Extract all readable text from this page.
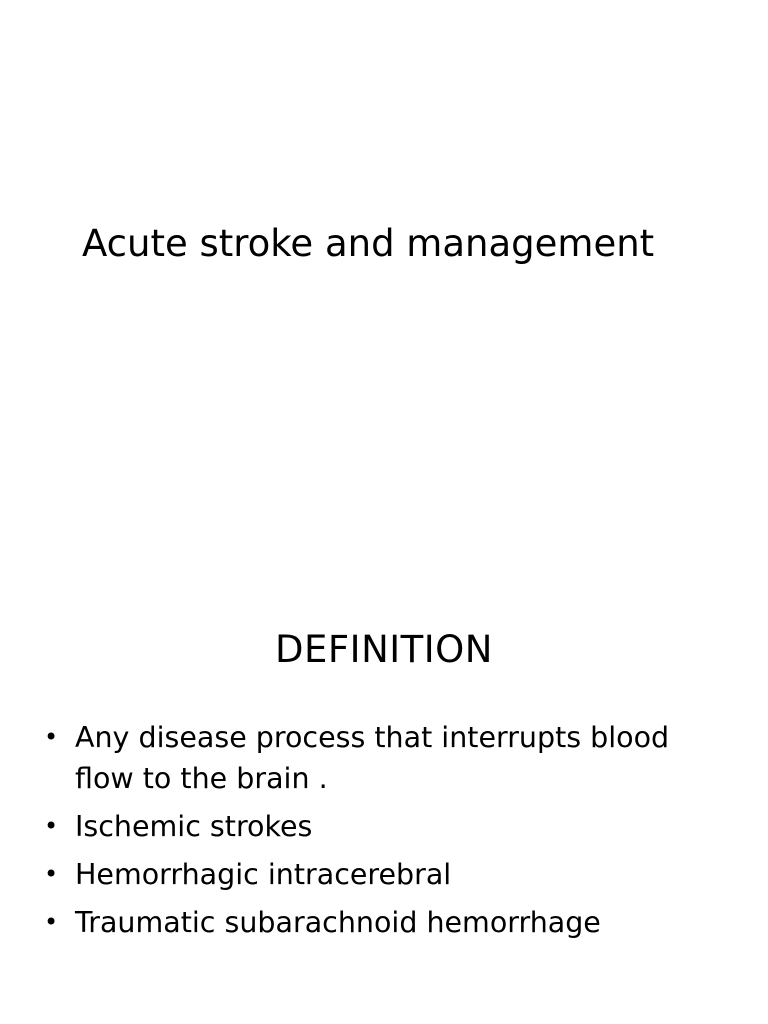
Acute stroke and management
DEFINITION
• Any disease process that interrupts blood flow to the brain .
• Ischemic strokes
• Hemorrhagic intracerebral
• Traumatic subarachnoid hemorrhage
